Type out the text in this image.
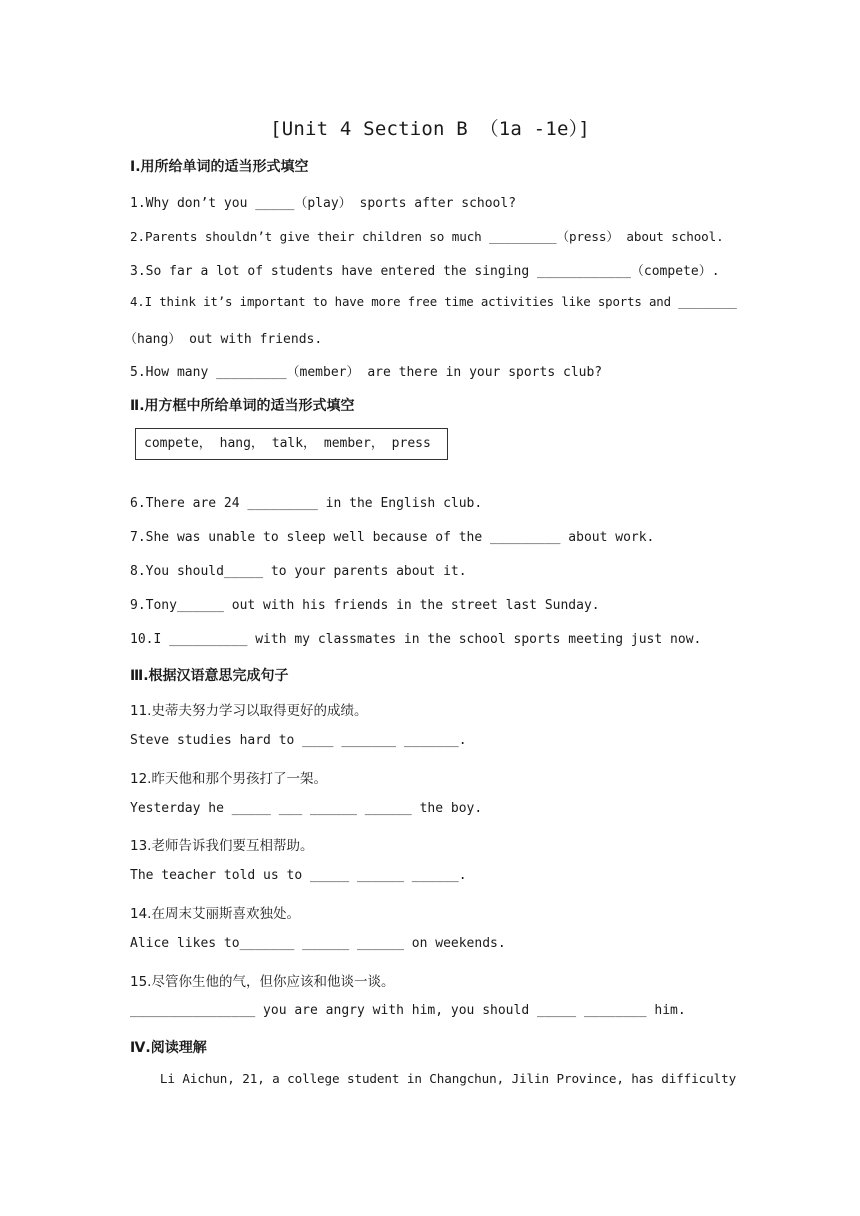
[Unit 4 Section B （1a -1e）]
Ⅰ.用所给单词的适当形式填空
1.Why don’t you _____（play） sports after school?
2.Parents shouldn’t give their children so much _________（press） about school.
3.So far a lot of students have entered the singing ____________（compete）.
4.I think it’s important to have more free time activities like sports and ________
（hang） out with friends.
5.How many _________（member） are there in your sports club?
Ⅱ.用方框中所给单词的适当形式填空
compete， hang， talk， member， press
6.There are 24 _________ in the English club.
7.She was unable to sleep well because of the _________ about work.
8.You should_____ to your parents about it.
9.Tony______ out with his friends in the street last Sunday.
10.I __________ with my classmates in the school sports meeting just now.
Ⅲ.根据汉语意思完成句子
11.史蒂夫努力学习以取得更好的成绩。
Steve studies hard to ____ _______ _______.
12.昨天他和那个男孩打了一架。
Yesterday he _____ ___ ______ ______ the boy.
13.老师告诉我们要互相帮助。
The teacher told us to _____ ______ ______.
14.在周末艾丽斯喜欢独处。
Alice likes to_______ ______ ______ on weekends.
15.尽管你生他的气，但你应该和他谈一谈。
________________ you are angry with him, you should _____ ________ him.
Ⅳ.阅读理解
Li Aichun, 21, a college student in Changchun, Jilin Province, has difficulty
